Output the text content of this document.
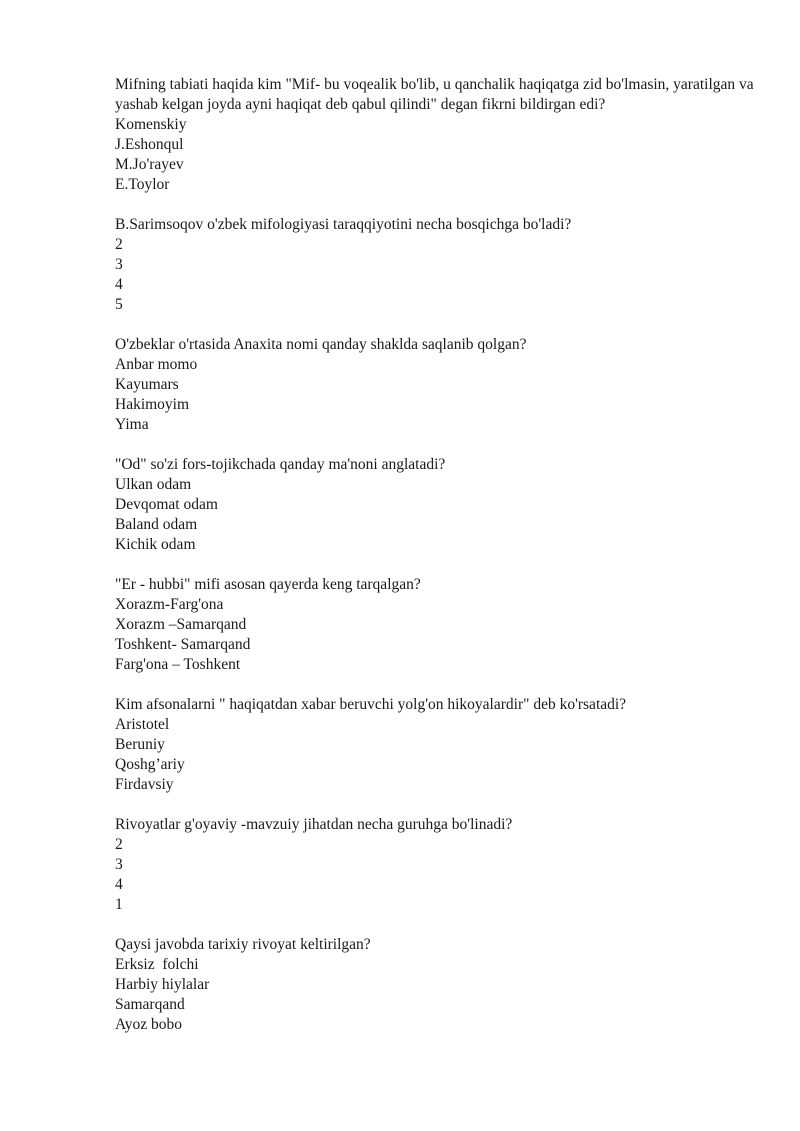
Mifning tabiati haqida kim "Mif- bu voqealik bo'lib, u qanchalik haqiqatga zid bo'lmasin, yaratilgan va yashab kelgan joyda ayni haqiqat deb qabul qilindi" degan fikrni bildirgan edi?
Komenskiy
J.Eshonqul
M.Jo'rayev
E.Toylor
B.Sarimsoqov o'zbek mifologiyasi taraqqiyotini necha bosqichga bo'ladi?
2
3
4
5
O'zbeklar o'rtasida Anaxita nomi qanday shaklda saqlanib qolgan?
Anbar momo
Kayumars
Hakimoyim
Yima
"Od" so'zi fors-tojikchada qanday ma'noni anglatadi?
Ulkan odam
Devqomat odam
Baland odam
Kichik odam
"Er - hubbi" mifi asosan qayerda keng tarqalgan?
Xorazm-Farg'ona
Xorazm –Samarqand
Toshkent- Samarqand
Farg'ona – Toshkent
Kim afsonalarni " haqiqatdan xabar beruvchi yolg'on hikoyalardir" deb ko'rsatadi?
Aristotel
Beruniy
Qoshg’ariy
Firdavsiy
Rivoyatlar g'oyaviy -mavzuiy jihatdan necha guruhga bo'linadi?
2
3
4
1
Qaysi javobda tarixiy rivoyat keltirilgan?
Erksiz  folchi
Harbiy hiylalar
Samarqand
Ayoz bobo
